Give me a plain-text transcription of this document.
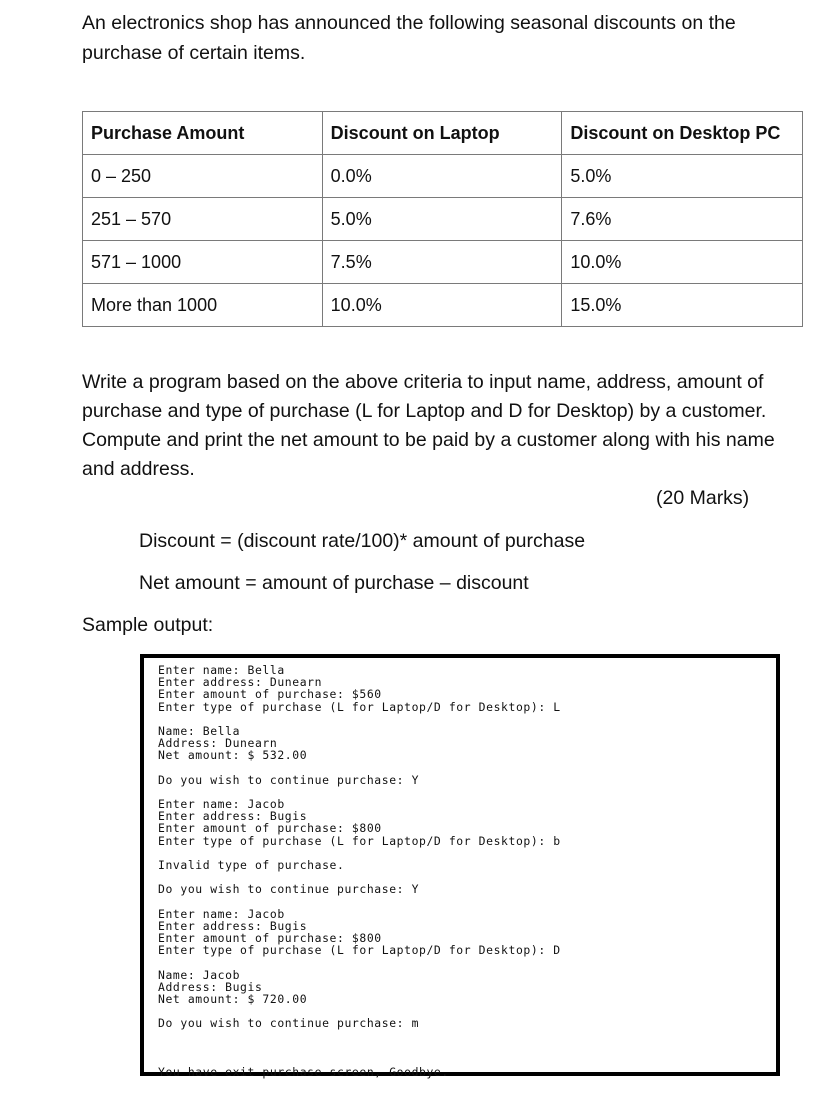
An electronics shop has announced the following seasonal discounts on the purchase of certain items.

Purchase Amount	Discount on Laptop	Discount on Desktop PC
0 – 250	0.0%	5.0%
251 – 570	5.0%	7.6%
571 – 1000	7.5%	10.0%
More than 1000	10.0%	15.0%

Write a program based on the above criteria to input name, address, amount of purchase and type of purchase (L for Laptop and D for Desktop) by a customer. Compute and print the net amount to be paid by a customer along with his name and address.

(20 Marks)
Discount = (discount rate/100)* amount of purchase
Net amount = amount of purchase – discount
Sample output:
Enter name: Bella
Enter address: Dunearn
Enter amount of purchase: $560
Enter type of purchase (L for Laptop/D for Desktop): L
Name: Bella
Address: Dunearn
Net amount: $ 532.00
Do you wish to continue purchase: Y
Enter name: Jacob
Enter address: Bugis
Enter amount of purchase: $800
Enter type of purchase (L for Laptop/D for Desktop): b
Invalid type of purchase.
Do you wish to continue purchase: Y
Enter name: Jacob
Enter address: Bugis
Enter amount of purchase: $800
Enter type of purchase (L for Laptop/D for Desktop): D
Name: Jacob
Address: Bugis
Net amount: $ 720.00
Do you wish to continue purchase: m
You have exit purchase screen, Goodbye.
